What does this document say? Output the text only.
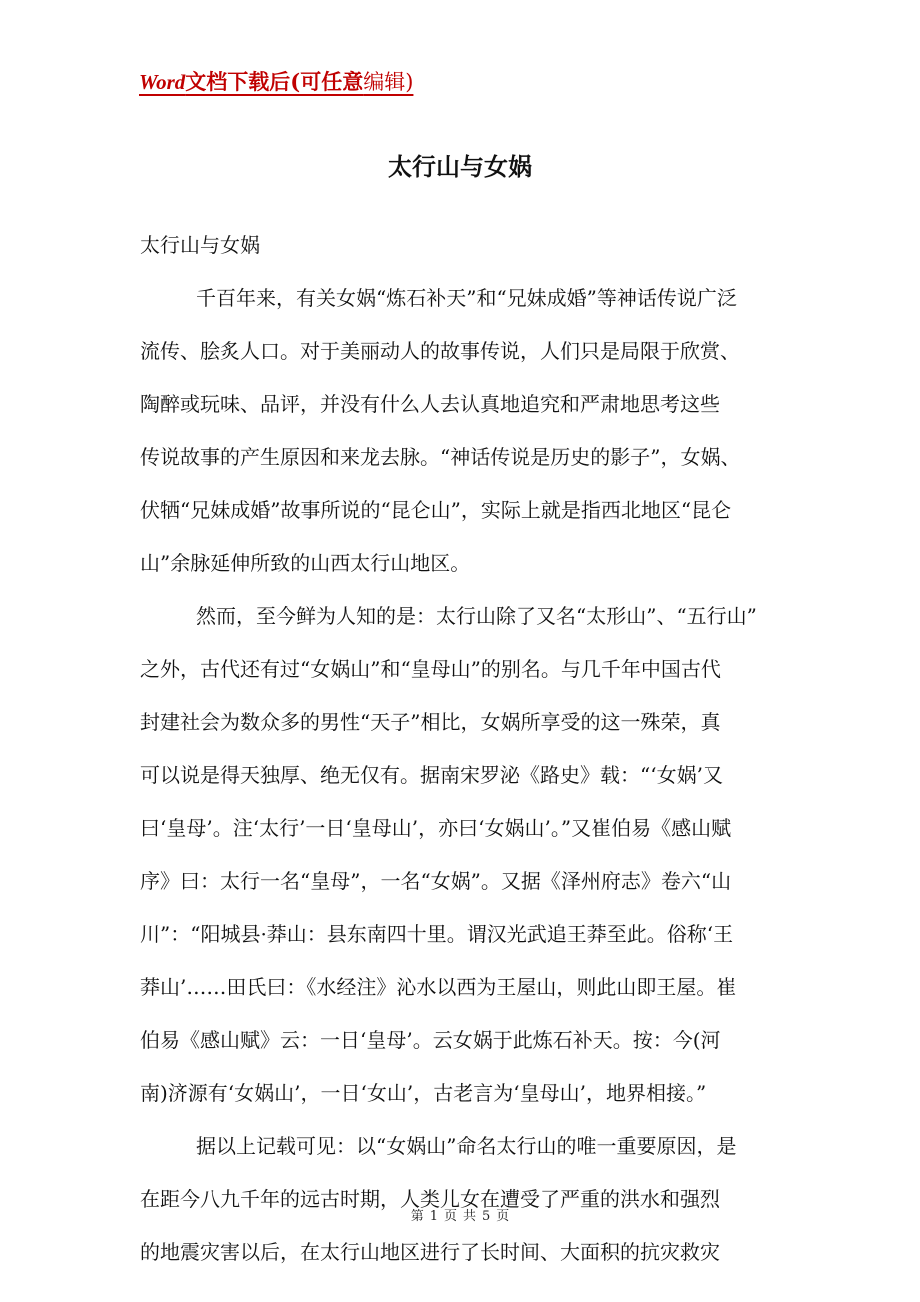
Word文档下载后(可任意编辑)
太行山与女娲

太行山与女娲

千百年来，有关女娲“炼石补天”和“兄妹成婚”等神话传说广泛
流传、脍炙人口。对于美丽动人的故事传说，人们只是局限于欣赏、
陶醉或玩味、品评，并没有什么人去认真地追究和严肃地思考这些
传说故事的产生原因和来龙去脉。“神话传说是历史的影子”，女娲、
伏牺“兄妹成婚”故事所说的“昆仑山”，实际上就是指西北地区“昆仑
山”余脉延伸所致的山西太行山地区。
然而，至今鲜为人知的是：太行山除了又名“太形山”、“五行山”
之外，古代还有过“女娲山”和“皇母山”的别名。与几千年中国古代
封建社会为数众多的男性“天子”相比，女娲所享受的这一殊荣，真
可以说是得天独厚、绝无仅有。据南宋罗泌《路史》载：“‘女娲’又
曰‘皇母’。注‘太行’一日‘皇母山’，亦曰‘女娲山’。”又崔伯易《感山赋
序》曰：太行一名“皇母”，一名“女娲”。又据《泽州府志》卷六“山
川”：“阳城县·莽山：县东南四十里。谓汉光武追王莽至此。俗称‘王
莽山’……田氏曰：《水经注》沁水以西为王屋山，则此山即王屋。崔
伯易《感山赋》云：一日‘皇母’。云女娲于此炼石补天。按：今(河
南)济源有‘女娲山’，一日‘女山’，古老言为‘皇母山’，地界相接。”
据以上记载可见：以“女娲山”命名太行山的唯一重要原因，是
在距今八九千年的远古时期，人类儿女在遭受了严重的洪水和强烈
的地震灾害以后，在太行山地区进行了长时间、大面积的抗灾救灾
第 1 页 共 5 页
